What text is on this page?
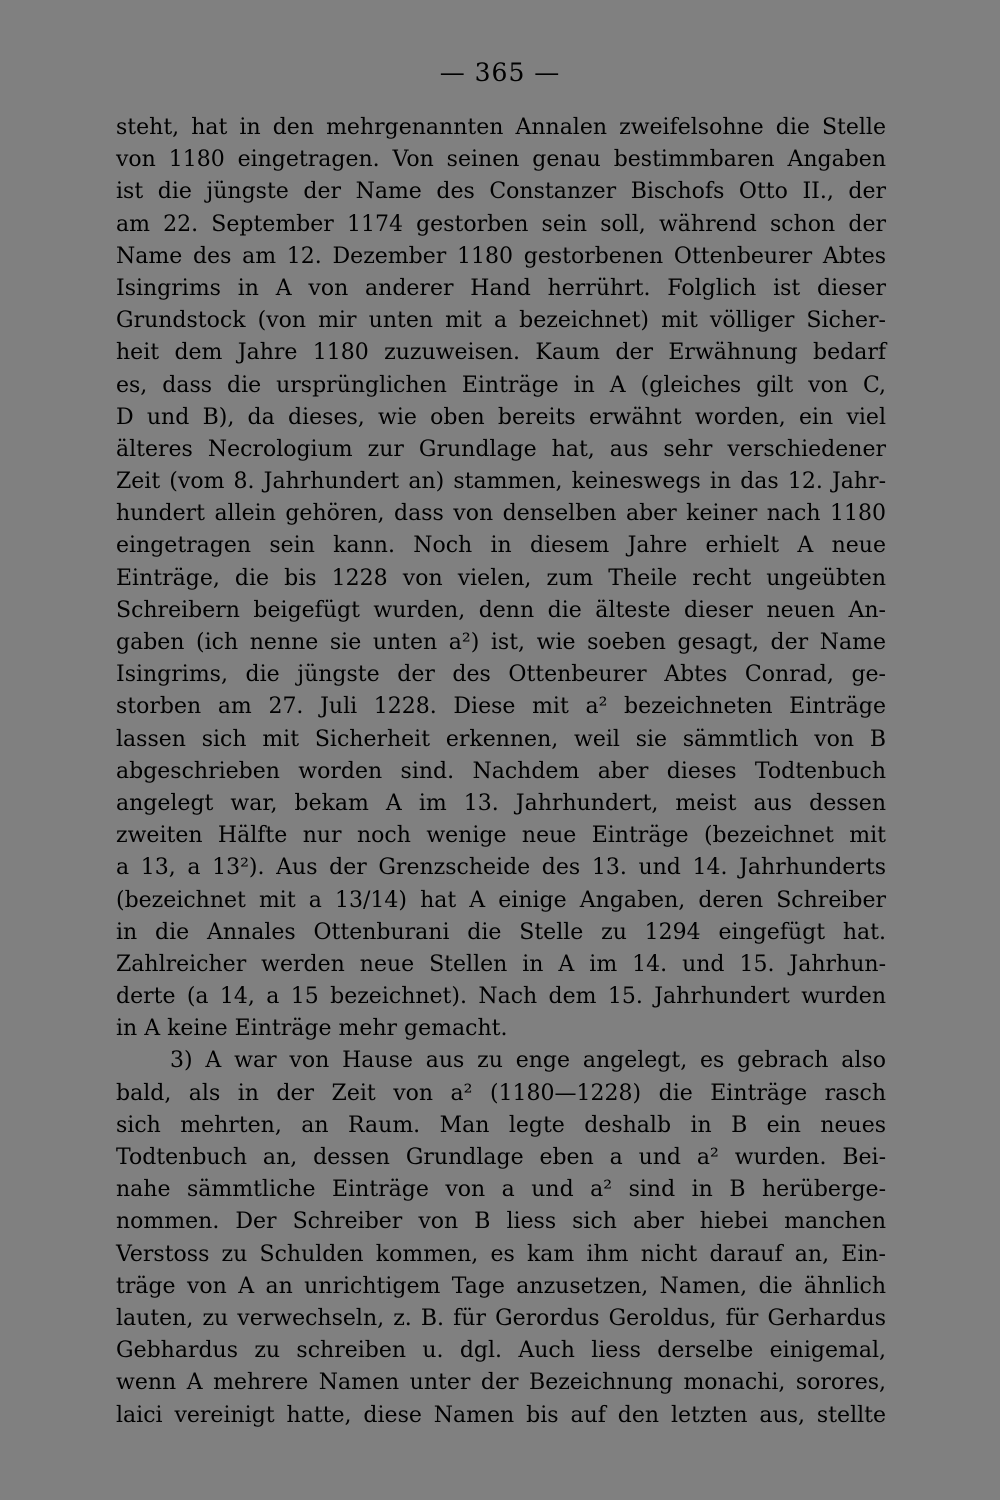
— 365 —
steht, hat in den mehrgenannten Annalen zweifelsohne die Stelle
von 1180 eingetragen. Von seinen genau bestimmbaren Angaben
ist die jüngste der Name des Constanzer Bischofs Otto II., der
am 22. September 1174 gestorben sein soll, während schon der
Name des am 12. Dezember 1180 gestorbenen Ottenbeurer Abtes
Isingrims in A von anderer Hand herrührt. Folglich ist dieser
Grundstock (von mir unten mit a bezeichnet) mit völliger Sicher-
heit dem Jahre 1180 zuzuweisen. Kaum der Erwähnung bedarf
es, dass die ursprünglichen Einträge in A (gleiches gilt von C,
D und B), da dieses, wie oben bereits erwähnt worden, ein viel
älteres Necrologium zur Grundlage hat, aus sehr verschiedener
Zeit (vom 8. Jahrhundert an) stammen, keineswegs in das 12. Jahr-
hundert allein gehören, dass von denselben aber keiner nach 1180
eingetragen sein kann. Noch in diesem Jahre erhielt A neue
Einträge, die bis 1228 von vielen, zum Theile recht ungeübten
Schreibern beigefügt wurden, denn die älteste dieser neuen An-
gaben (ich nenne sie unten a²) ist, wie soeben gesagt, der Name
Isingrims, die jüngste der des Ottenbeurer Abtes Conrad, ge-
storben am 27. Juli 1228. Diese mit a² bezeichneten Einträge
lassen sich mit Sicherheit erkennen, weil sie sämmtlich von B
abgeschrieben worden sind. Nachdem aber dieses Todtenbuch
angelegt war, bekam A im 13. Jahrhundert, meist aus dessen
zweiten Hälfte nur noch wenige neue Einträge (bezeichnet mit
a 13, a 13²). Aus der Grenzscheide des 13. und 14. Jahrhunderts
(bezeichnet mit a 13/14) hat A einige Angaben, deren Schreiber
in die Annales Ottenburani die Stelle zu 1294 eingefügt hat.
Zahlreicher werden neue Stellen in A im 14. und 15. Jahrhun-
derte (a 14, a 15 bezeichnet). Nach dem 15. Jahrhundert wurden
in A keine Einträge mehr gemacht.
3) A war von Hause aus zu enge angelegt, es gebrach also
bald, als in der Zeit von a² (1180—1228) die Einträge rasch
sich mehrten, an Raum. Man legte deshalb in B ein neues
Todtenbuch an, dessen Grundlage eben a und a² wurden. Bei-
nahe sämmtliche Einträge von a und a² sind in B herüberge-
nommen. Der Schreiber von B liess sich aber hiebei manchen
Verstoss zu Schulden kommen, es kam ihm nicht darauf an, Ein-
träge von A an unrichtigem Tage anzusetzen, Namen, die ähnlich
lauten, zu verwechseln, z. B. für Gerordus Geroldus, für Gerhardus
Gebhardus zu schreiben u. dgl. Auch liess derselbe einigemal,
wenn A mehrere Namen unter der Bezeichnung monachi, sorores,
laici vereinigt hatte, diese Namen bis auf den letzten aus, stellte
